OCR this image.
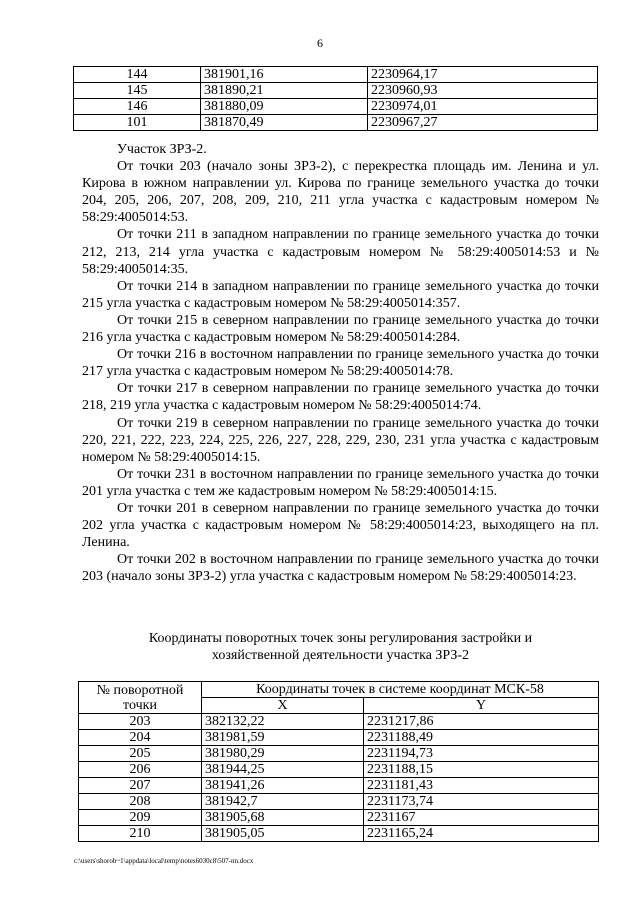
6
144	381901,16	2230964,17
145	381890,21	2230960,93
146	381880,09	2230974,01
101	381870,49	2230967,27

Участок ЗРЗ-2.

От точки 203 (начало зоны ЗРЗ-2), с перекрестка площадь им. Ленина и ул. Кирова в южном направлении ул. Кирова по границе земельного участка до точки 204, 205, 206, 207, 208, 209, 210, 211 угла участка с кадастровым номером № 58:29:4005014:53.

От точки 211 в западном направлении по границе земельного участка до точки 212, 213, 214 угла участка с кадастровым номером № 58:29:4005014:53 и № 58:29:4005014:35.

От точки 214 в западном направлении по границе земельного участка до точки 215 угла участка с кадастровым номером № 58:29:4005014:357.

От точки 215 в северном направлении по границе земельного участка до точки 216 угла участка с кадастровым номером № 58:29:4005014:284.

От точки 216 в восточном направлении по границе земельного участка до точки 217 угла участка с кадастровым номером № 58:29:4005014:78.

От точки 217 в северном направлении по границе земельного участка до точки 218, 219 угла участка с кадастровым номером № 58:29:4005014:74.

От точки 219 в северном направлении по границе земельного участка до точки 220, 221, 222, 223, 224, 225, 226, 227, 228, 229, 230, 231 угла участка с кадастровым номером № 58:29:4005014:15.

От точки 231 в восточном направлении по границе земельного участка до точки 201 угла участка с тем же кадастровым номером № 58:29:4005014:15.

От точки 201 в северном направлении по границе земельного участка до точки 202 угла участка с кадастровым номером № 58:29:4005014:23, выходящего на пл. Ленина.

От точки 202 в восточном направлении по границе земельного участка до точки 203 (начало зоны ЗРЗ-2) угла участка с кадастровым номером № 58:29:4005014:23.

Координаты поворотных точек зоны регулирования застройки и
хозяйственной деятельности участка ЗРЗ-2
№ поворотной точки	Координаты точек в системе координат МСК-58	
	X	Y
203	382132,22	2231217,86
204	381981,59	2231188,49
205	381980,29	2231194,73
206	381944,25	2231188,15
207	381941,26	2231181,43
208	381942,7	2231173,74
209	381905,68	2231167
210	381905,05	2231165,24
c:\users\shorob~1\appdata\local\temp\notes6030c8\507-nn.docx
